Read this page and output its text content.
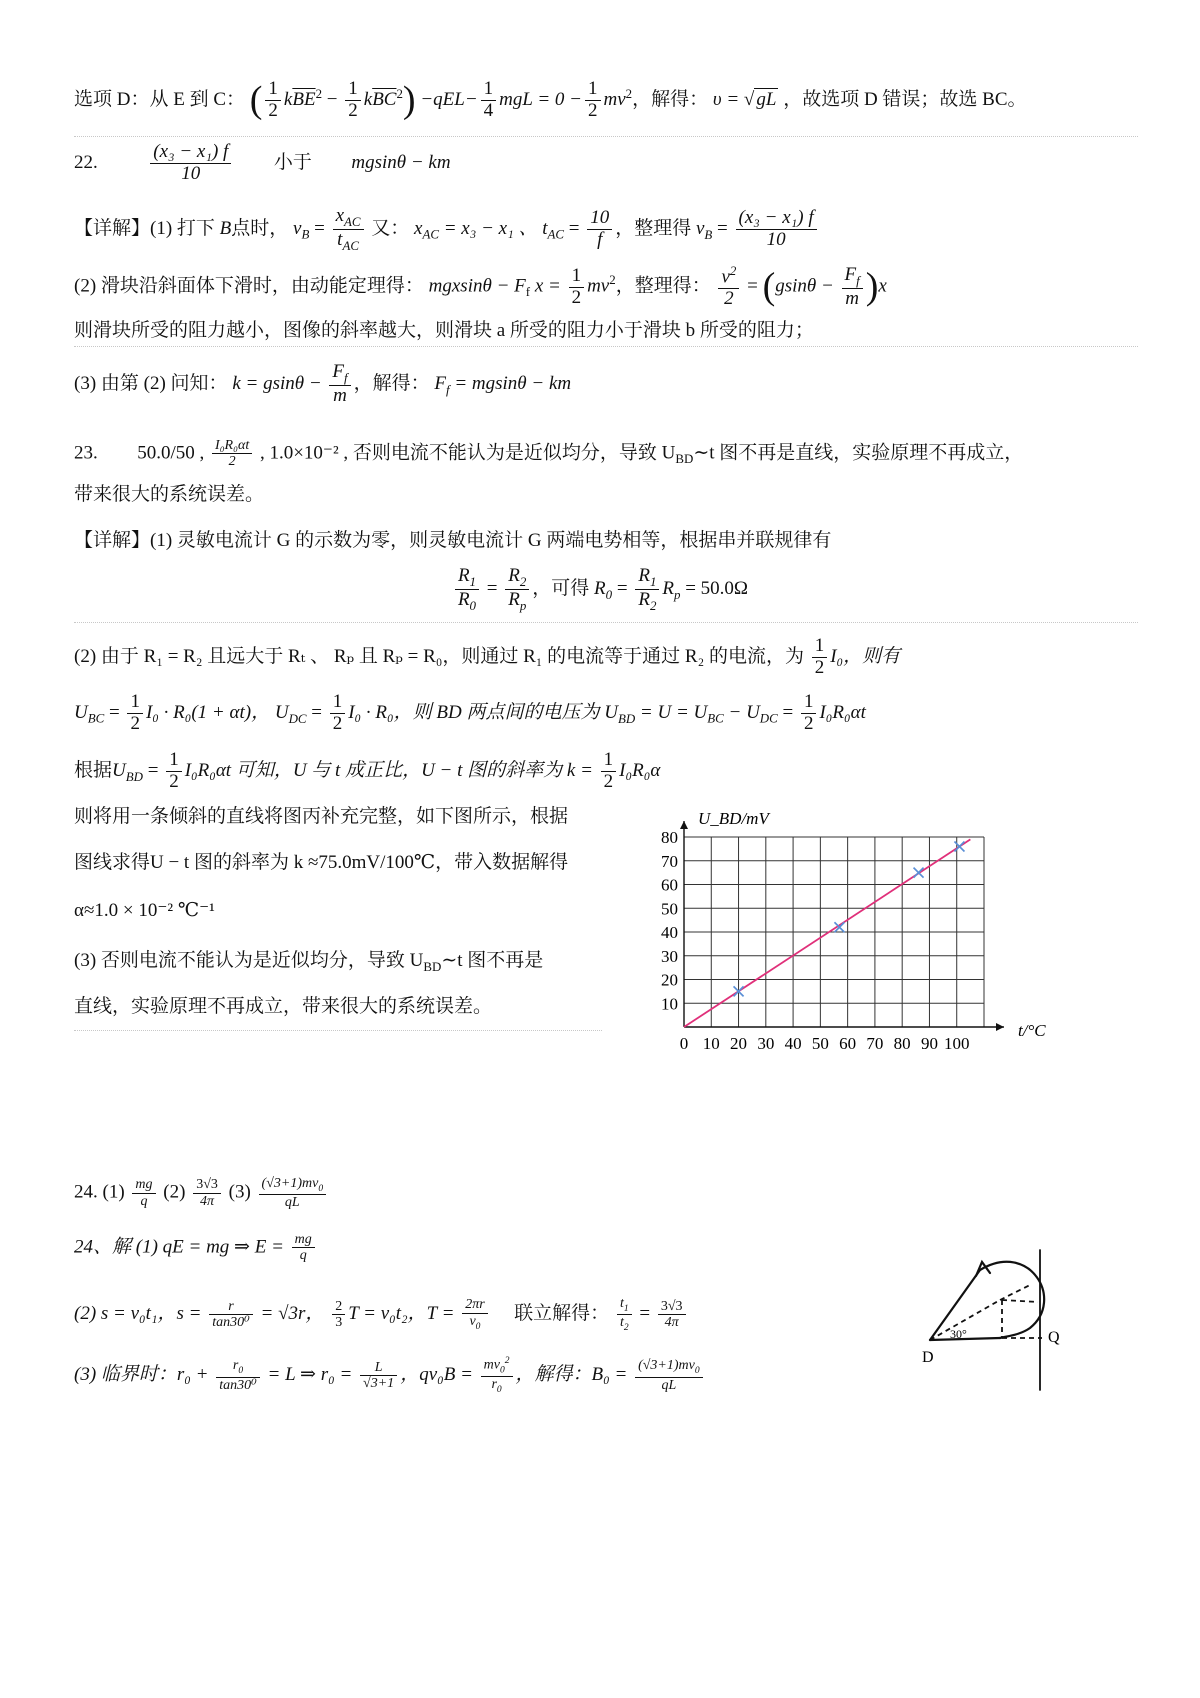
选项 D：从 E 到 C： ( $\frac{1}{2} k\overline{BE}^2 - \frac{1}{2} k\overline{BC}^2) -qEL- \frac{1}{4}$ mgL = $0 - \frac{1}{2} mv^2$，解得： υ = √ gL ，故选项 D 错误；故选 BC。
22.	$\frac{\text{(x₃ − x₁) f}}{10}$ 小于 mgsinθ − km
【详解】(1) 打下 B点时， $v_B = \frac{x_{AC}}{t_{AC}}$ 又： $x_{AC} = x_3 - x_1$ 、 $t_{AC} = \frac{10}{f}$ ，整理得 $v_B = \frac{\text{(x₃ − x₁) f}}{10}$
(2) 滑块沿斜面体下滑时，由动能定理得： $mgxsin\theta - F_f$ $x = \frac{1}{2} mv^2$，整理得： $\frac{v^2}{2} = (gsin\theta - \frac{F_f}{m} )x$
则滑块所受的阻力越小，图像的斜率越大，则滑块 a 所受的阻力小于滑块 b 所受的阻力；
(3) 由第 (2) 问知： $k = gsin\theta - \frac{F_f}{m}$ ，解得： $F_f = mgsin\theta$ − km
23. 50.0/50 , $\frac{\text{I₀R₀αt}}{2}$ , 1.0×10⁻² , 否则电流不能认为是近似均分，导致 $U_{BD}\sim t$ 图不再是直线，实验原理不再成立，
带来很大的系统误差。
【详解】(1) 灵敏电流计 G 的示数为零，则灵敏电流计 G 两端电势相等，根据串并联规律有
$\frac{R_1}{R_0} = \frac{R_2}{R_p}$ ，可得 $R_0 = \frac{R_1}{R_2} R_p = 50.0\Omega$
(2) 由于 R₁ = R₂ 且远大于 Rₜ 、 Rₚ 且 Rₚ = R₀，则通过 R₁ 的电流等于通过 R₂ 的电流，为 $\frac{1}{2} I_0$，则有
$U_{BC} = \frac{1}{2} I_0 \cdot R_0(1 + \alpha t)$， $U_{DC} = \frac{1}{2} I_0 \cdot R_0$，则 BD 两点间的电压为 $U_{BD} = U = U_{BC} - U_{DC} = \frac{1}{2} I_0R_0\alpha t$
根据$U_{BD} = \frac{1}{2} I_0R_0\alpha t$ 可知，U 与 t 成正比，U − t 图的斜率为 $k = \frac{1}{2} I_0R_0\alpha$
则将用一条倾斜的直线将图丙补充完整，如下图所示，根据
图线求得U − t 图的斜率为 k ≈75.0mV/100℃，带入数据解得
α≈1.0 × 10⁻² ℃⁻¹
(3) 否则电流不能认为是近似均分，导致 $U_{BD}\sim t$ 图不再是
直线，实验原理不再成立，带来很大的系统误差。
0 10 20 30 40 50 60 70 80 90 100
10
20
30
40
50
60
70
80
U_BD/mV
t/°C
24. $(1) \frac{mg}{q} (2) \frac{3√3}{4\pi} (3) \frac{(√3+1)mv_0}{qL}$
24、解 (1) qE = mg ⇒ $E = \frac{mg}{q}$
(2) s = v₀t₁，$s = \frac{r}{\text{tan30⁰}} = √3r$， $\frac{2}{3}$ T = v₀t₂，$T = \frac{2\pi r}{v_0}$ 联立解得： $\frac{t_1}{t_2} = \frac{3√3}{4\pi}$
(3) 临界时：$r_0 + \frac{r_0}{\text{tan30⁰}} = L$ ⇒ $r_0 = \frac{L}{√3+1}$ ，$qv_0B = \frac{mv_0^2}{r_0}$ ，解得：$B_0 = \frac{(√3+1)mv_0}{qL}$
D
Q
30°
